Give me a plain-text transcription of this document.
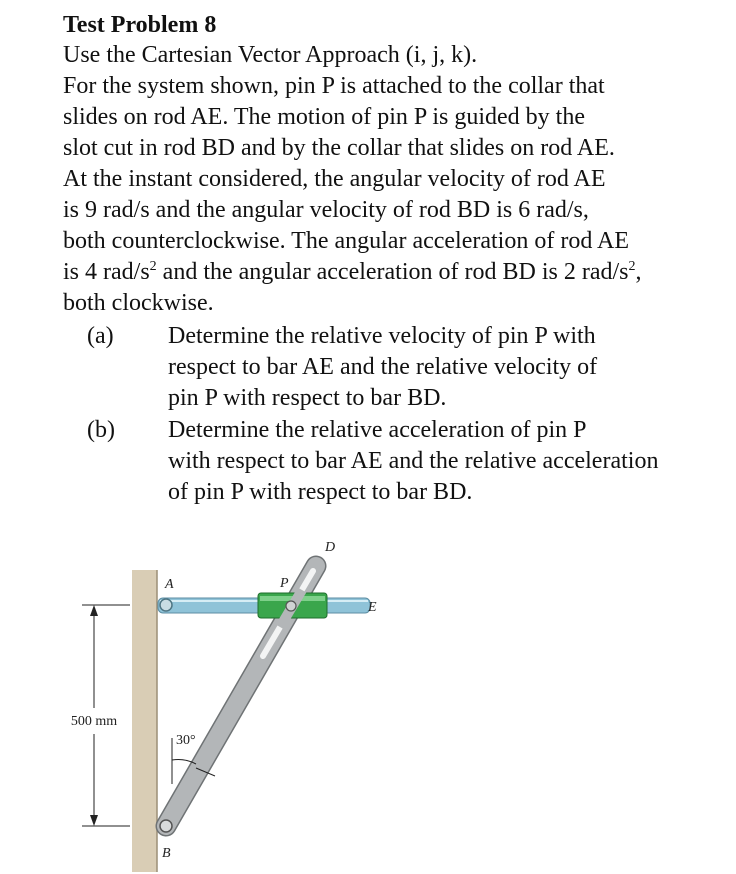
Test Problem 8
Use the Cartesian Vector Approach (i, j, k).
For the system shown, pin P is attached to the collar that
slides on rod AE. The motion of pin P is guided by the
slot cut in rod BD and by the collar that slides on rod AE.
At the instant considered, the angular velocity of rod AE
is 9 rad/s and the angular velocity of rod BD is 6 rad/s,
both counterclockwise. The angular acceleration of rod AE
is 4 rad/$s^2$ and the angular acceleration of rod BD is 2 rad/$s^2$,
both clockwise.
(a) Determine the relative velocity of pin P with
respect to bar AE and the relative velocity of
pin P with respect to bar BD.
(b) Determine the relative acceleration of pin P
with respect to bar AE and the relative acceleration
of pin P with respect to bar BD.
500 mm
30°
A	P
D
E
B
